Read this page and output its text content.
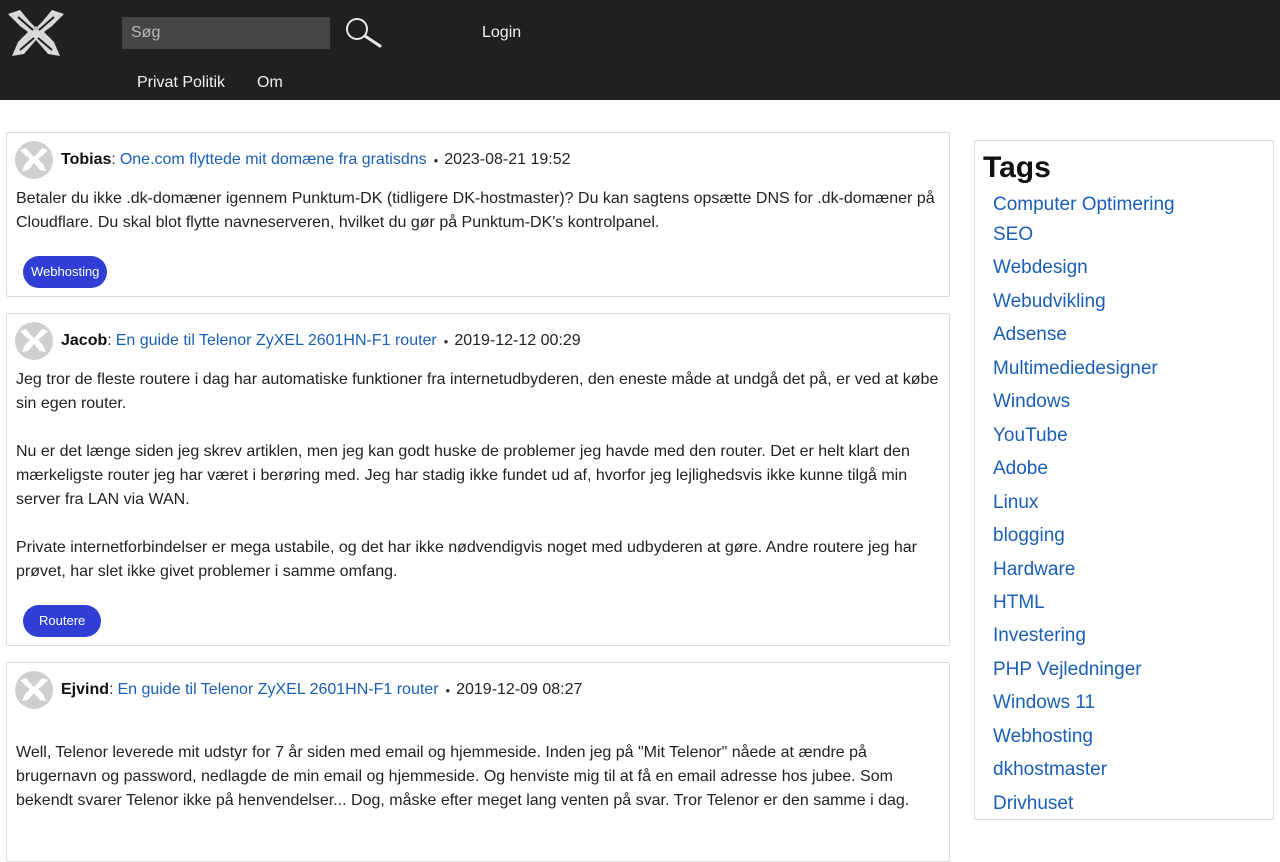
Søg
Login
Privat Politik Om
Tobias : One.com flyttede mit domæne fra gratisdns • 2023-08-21 19:52

Betaler du ikke .dk-domæner igennem Punktum-DK (tidligere DK-hostmaster)? Du kan sagtens opsætte DNS for .dk-domæner på Cloudflare. Du skal blot flytte navneserveren, hvilket du gør på Punktum-DK's kontrolpanel.

Webhosting
Jacob : En guide til Telenor ZyXEL 2601HN-F1 router • 2019-12-12 00:29

Jeg tror de fleste routere i dag har automatiske funktioner fra internetudbyderen, den eneste måde at undgå det på, er ved at købe sin egen router.

Nu er det længe siden jeg skrev artiklen, men jeg kan godt huske de problemer jeg havde med den router. Det er helt klart den mærkeligste router jeg har været i berøring med. Jeg har stadig ikke fundet ud af, hvorfor jeg lejlighedsvis ikke kunne tilgå min server fra LAN via WAN.

Private internetforbindelser er mega ustabile, og det har ikke nødvendigvis noget med udbyderen at gøre. Andre routere jeg har prøvet, har slet ikke givet problemer i samme omfang.

Routere
Ejvind : En guide til Telenor ZyXEL 2601HN-F1 router • 2019-12-09 08:27

Well, Telenor leverede mit udstyr for 7 år siden med email og hjemmeside. Inden jeg på "Mit Telenor" nåede at ændre på brugernavn og password, nedlagde de min email og hjemmeside. Og henviste mig til at få en email adresse hos jubee. Som bekendt svarer Telenor ikke på henvendelser... Dog, måske efter meget lang venten på svar. Tror Telenor er den samme i dag.

Tags
Computer Optimering
SEO
Webdesign
Webudvikling
Adsense
Multimediedesigner
Windows
YouTube
Adobe
Linux
blogging
Hardware
HTML
Investering
PHP Vejledninger
Windows 11
Webhosting
dkhostmaster
Drivhuset
